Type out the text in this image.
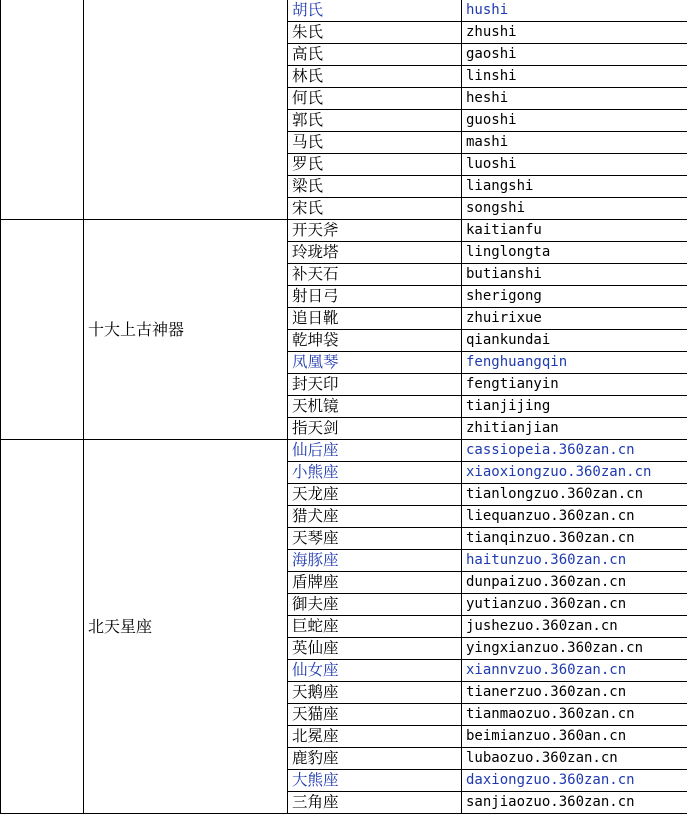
		胡氏	hushi
		朱氏	zhushi
		高氏	gaoshi
		林氏	linshi
		何氏	heshi
		郭氏	guoshi
		马氏	mashi
		罗氏	luoshi
		梁氏	liangshi
		宋氏	songshi
	十大上古神器	开天斧	kaitianfu
		玲珑塔	linglongta
		补天石	butianshi
		射日弓	sherigong
		追日靴	zhuirixue
		乾坤袋	qiankundai
		凤凰琴	fenghuangqin
		封天印	fengtianyin
		天机镜	tianjijing
		指天剑	zhitianjian
	北天星座	仙后座	cassiopeia.360zan.cn
		小熊座	xiaoxiongzuo.360zan.cn
		天龙座	tianlongzuo.360zan.cn
		猎犬座	liequanzuo.360zan.cn
		天琴座	tianqinzuo.360zan.cn
		海豚座	haitunzuo.360zan.cn
		盾牌座	dunpaizuo.360zan.cn
		御夫座	yutianzuo.360zan.cn
		巨蛇座	jushezuo.360zan.cn
		英仙座	yingxianzuo.360zan.cn
		仙女座	xiannvzuo.360zan.cn
		天鹅座	tianerzuo.360zan.cn
		天猫座	tianmaozuo.360zan.cn
		北冕座	beimianzuo.360an.cn
		鹿豹座	lubaozuo.360zan.cn
		大熊座	daxiongzuo.360zan.cn
		三角座	sanjiaozuo.360zan.cn
